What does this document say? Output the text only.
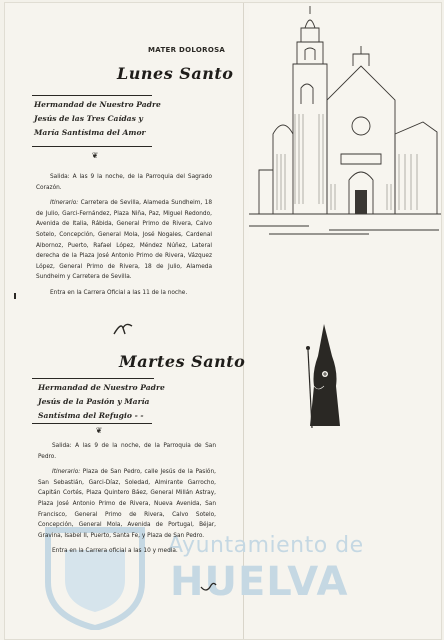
Ayuntamiento de
HUELVA
MATER DOLOROSA
Lunes Santo
Hermandad de Nuestro Padre
Jesús de las Tres Caídas y
María Santísima del Amor
❦

Salida: A las 9 la noche, de la Parroquia del Sagrado Corazón.

Itinerario: Carretera de Sevilla, Alameda Sundheim, 18 de Julio, Garci-Fernández, Plaza Niña, Paz, Miguel Redondo, Avenida de Italia, Rábida, General Primo de Rivera, Calvo Sotelo, Concepción, General Mola, José Nogales, Cardenal Albornoz, Puerto, Rafael López, Méndez Núñez, Lateral derecha de la Plaza José Antonio Primo de Rivera, Vázquez López, General Primo de Rivera, 18 de Julio, Alameda Sundheim y Carretera de Sevilla.

Entra en la Carrera Oficial a las 11 de la noche.

Martes Santo
Hermandad de Nuestro Padre
Jesús de la Pasión y María
Santísima del Refugio - -
❦

Salida: A las 9 de la noche, de la Parroquia de San Pedro.

Itinerario: Plaza de San Pedro, calle Jesús de la Pasión, San Sebastián, Garci-Díaz, Soledad, Almirante Garrocho, Capitán Cortés, Plaza Quintero Báez, General Millán Astray, Plaza José Antonio Primo de Rivera, Nueva Avenida, San Francisco, General Primo de Rivera, Calvo Sotelo, Concepción, General Mola, Avenida de Portugal, Béjar, Gravina, Isabel II, Puerto, Santa Fe, y Plaza de San Pedro.

Entra en la Carrera oficial a las 10 y media.
